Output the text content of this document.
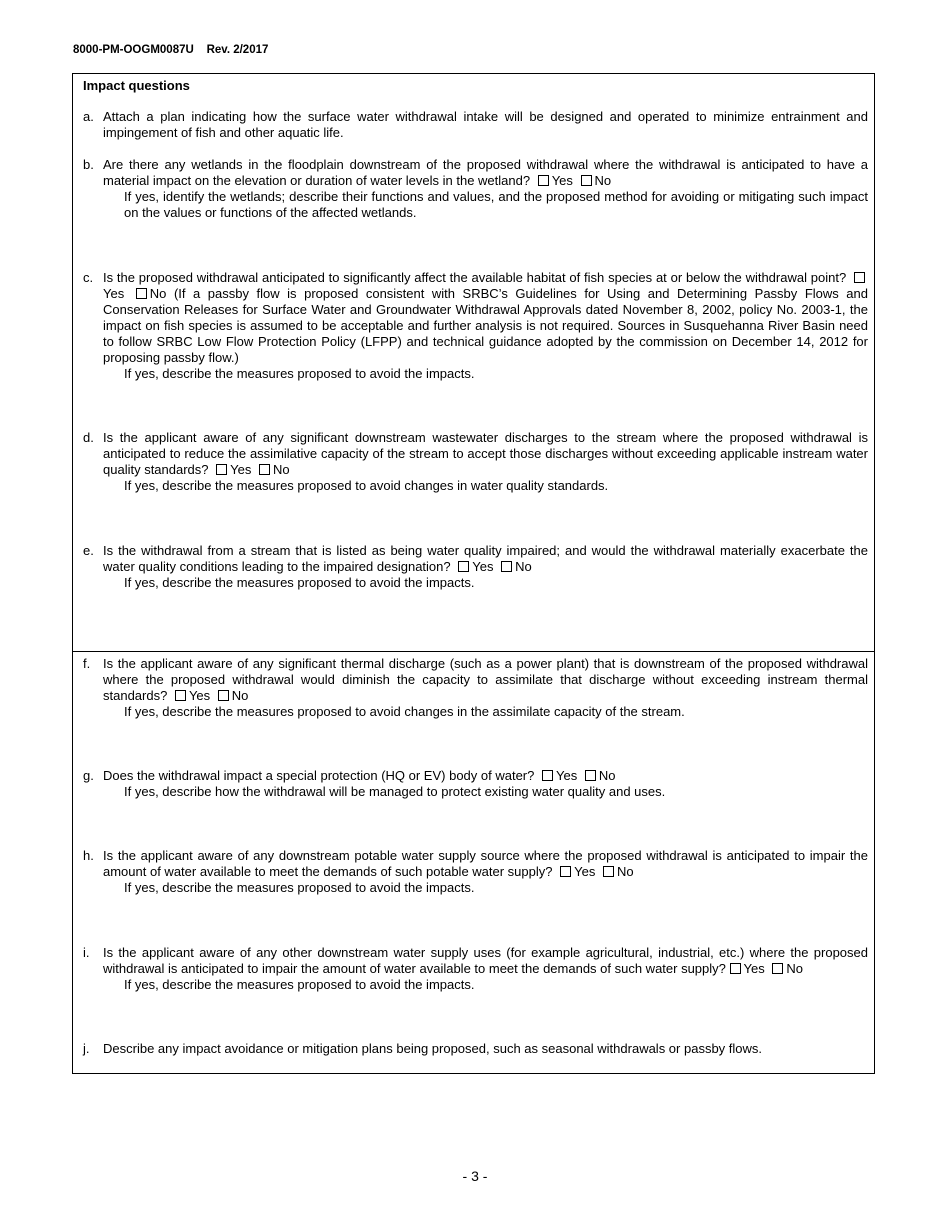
8000-PM-OOGM0087U    Rev. 2/2017
Impact questions
a. Attach a plan indicating how the surface water withdrawal intake will be designed and operated to minimize entrainment and impingement of fish and other aquatic life.
b. Are there any wetlands in the floodplain downstream of the proposed withdrawal where the withdrawal is anticipated to have a material impact on the elevation or duration of water levels in the wetland? Yes No
If yes, identify the wetlands; describe their functions and values, and the proposed method for avoiding or mitigating such impact on the values or functions of the affected wetlands.
c. Is the proposed withdrawal anticipated to significantly affect the available habitat of fish species at or below the withdrawal point? Yes No (If a passby flow is proposed consistent with SRBC’s Guidelines for Using and Determining Passby Flows and Conservation Releases for Surface Water and Groundwater Withdrawal Approvals dated November 8, 2002, policy No. 2003-1, the impact on fish species is assumed to be acceptable and further analysis is not required. Sources in Susquehanna River Basin need to follow SRBC Low Flow Protection Policy (LFPP) and technical guidance adopted by the commission on December 14, 2012 for proposing passby flow.)
If yes, describe the measures proposed to avoid the impacts.
d. Is the applicant aware of any significant downstream wastewater discharges to the stream where the proposed withdrawal is anticipated to reduce the assimilative capacity of the stream to accept those discharges without exceeding applicable instream water quality standards? Yes No
If yes, describe the measures proposed to avoid changes in water quality standards.
e. Is the withdrawal from a stream that is listed as being water quality impaired; and would the withdrawal materially exacerbate the water quality conditions leading to the impaired designation? Yes No
If yes, describe the measures proposed to avoid the impacts.
f. Is the applicant aware of any significant thermal discharge (such as a power plant) that is downstream of the proposed withdrawal where the proposed withdrawal would diminish the capacity to assimilate that discharge without exceeding instream thermal standards? Yes No
If yes, describe the measures proposed to avoid changes in the assimilate capacity of the stream.
g. Does the withdrawal impact a special protection (HQ or EV) body of water? Yes No
If yes, describe how the withdrawal will be managed to protect existing water quality and uses.
h. Is the applicant aware of any downstream potable water supply source where the proposed withdrawal is anticipated to impair the amount of water available to meet the demands of such potable water supply? Yes No
If yes, describe the measures proposed to avoid the impacts.
i.	Is the applicant aware of any other downstream water supply uses (for example agricultural, industrial, etc.) where the proposed withdrawal is anticipated to impair the amount of water available to meet the demands of such water supply? Yes No
If yes, describe the measures proposed to avoid the impacts.
j.	Describe any impact avoidance or mitigation plans being proposed, such as seasonal withdrawals or passby flows.
- 3 -
